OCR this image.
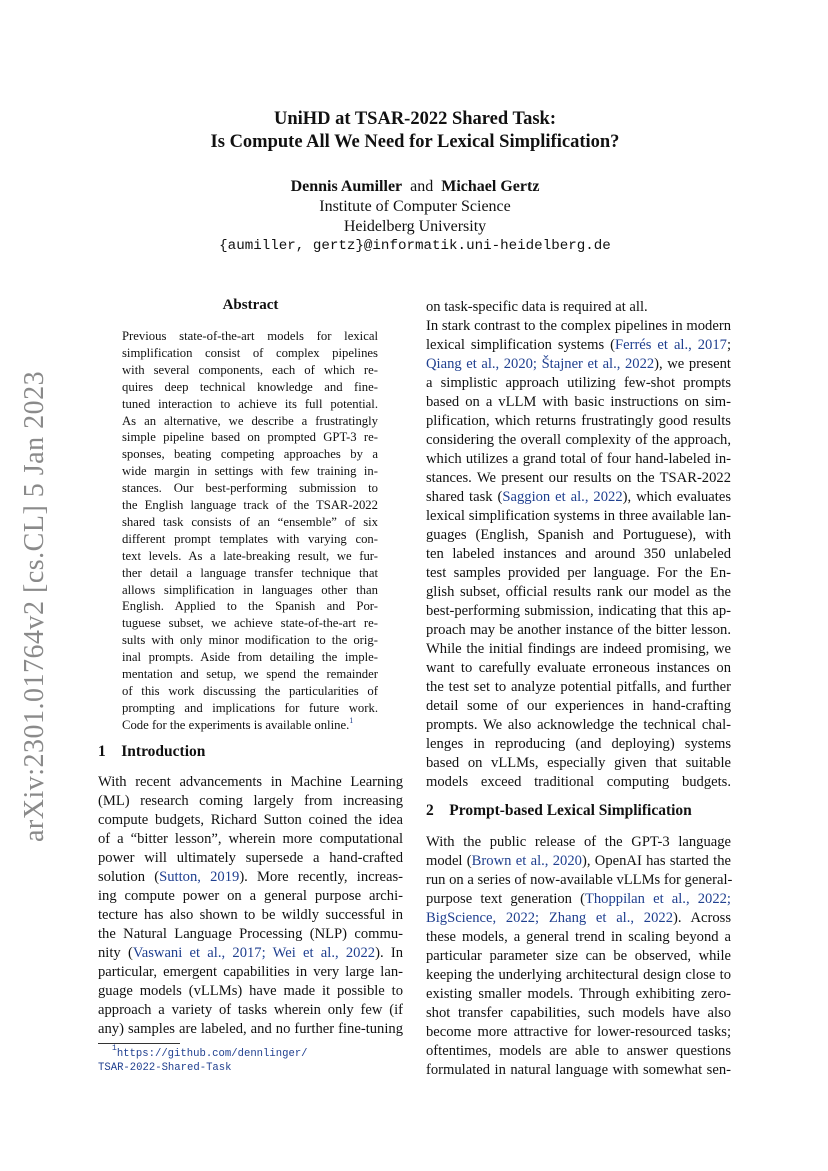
arXiv:2301.01764v2 [cs.CL] 5 Jan 2023
UniHD at TSAR-2022 Shared Task:
Is Compute All We Need for Lexical Simplification?
Dennis Aumiller and Michael Gertz
Institute of Computer Science
Heidelberg University
{aumiller, gertz}@informatik.uni-heidelberg.de
Abstract
Previous state-of-the-art models for lexical
simplification consist of complex pipelines
with several components, each of which re-
quires deep technical knowledge and fine-
tuned interaction to achieve its full potential.
As an alternative, we describe a frustratingly
simple pipeline based on prompted GPT-3 re-
sponses, beating competing approaches by a
wide margin in settings with few training in-
stances. Our best-performing submission to
the English language track of the TSAR-2022
shared task consists of an “ensemble” of six
different prompt templates with varying con-
text levels. As a late-breaking result, we fur-
ther detail a language transfer technique that
allows simplification in languages other than
English. Applied to the Spanish and Por-
tuguese subset, we achieve state-of-the-art re-
sults with only minor modification to the orig-
inal prompts. Aside from detailing the imple-
mentation and setup, we spend the remainder
of this work discussing the particularities of
prompting and implications for future work.
Code for the experiments is available online.$^1$
1 Introduction
With recent advancements in Machine Learning
(ML) research coming largely from increasing
compute budgets, Richard Sutton coined the idea
of a “bitter lesson”, wherein more computational
power will ultimately supersede a hand-crafted
solution (Sutton, 2019). More recently, increas-
ing compute power on a general purpose archi-
tecture has also shown to be wildly successful in
the Natural Language Processing (NLP) commu-
nity (Vaswani et al., 2017; Wei et al., 2022). In
particular, emergent capabilities in very large lan-
guage models (vLLMs) have made it possible to
approach a variety of tasks wherein only few (if
any) samples are labeled, and no further fine-tuning
on task-specific data is required at all.
In stark contrast to the complex pipelines in modern
lexical simplification systems (Ferrés et al., 2017;
Qiang et al., 2020; Štajner et al., 2022), we present
a simplistic approach utilizing few-shot prompts
based on a vLLM with basic instructions on sim-
plification, which returns frustratingly good results
considering the overall complexity of the approach,
which utilizes a grand total of four hand-labeled in-
stances. We present our results on the TSAR-2022
shared task (Saggion et al., 2022), which evaluates
lexical simplification systems in three available lan-
guages (English, Spanish and Portuguese), with
ten labeled instances and around 350 unlabeled
test samples provided per language. For the En-
glish subset, official results rank our model as the
best-performing submission, indicating that this ap-
proach may be another instance of the bitter lesson.
While the initial findings are indeed promising, we
want to carefully evaluate erroneous instances on
the test set to analyze potential pitfalls, and further
detail some of our experiences in hand-crafting
prompts. We also acknowledge the technical chal-
lenges in reproducing (and deploying) systems
based on vLLMs, especially given that suitable
models exceed traditional computing budgets.
2 Prompt-based Lexical Simplification
With the public release of the GPT-3 language
model (Brown et al., 2020), OpenAI has started the
run on a series of now-available vLLMs for general-
purpose text generation (Thoppilan et al., 2022;
BigScience, 2022; Zhang et al., 2022). Across
these models, a general trend in scaling beyond a
particular parameter size can be observed, while
keeping the underlying architectural design close to
existing smaller models. Through exhibiting zero-
shot transfer capabilities, such models have also
become more attractive for lower-resourced tasks;
oftentimes, models are able to answer questions
formulated in natural language with somewhat sen-
$^1$https://github.com/dennlinger/
TSAR-2022-Shared-Task
